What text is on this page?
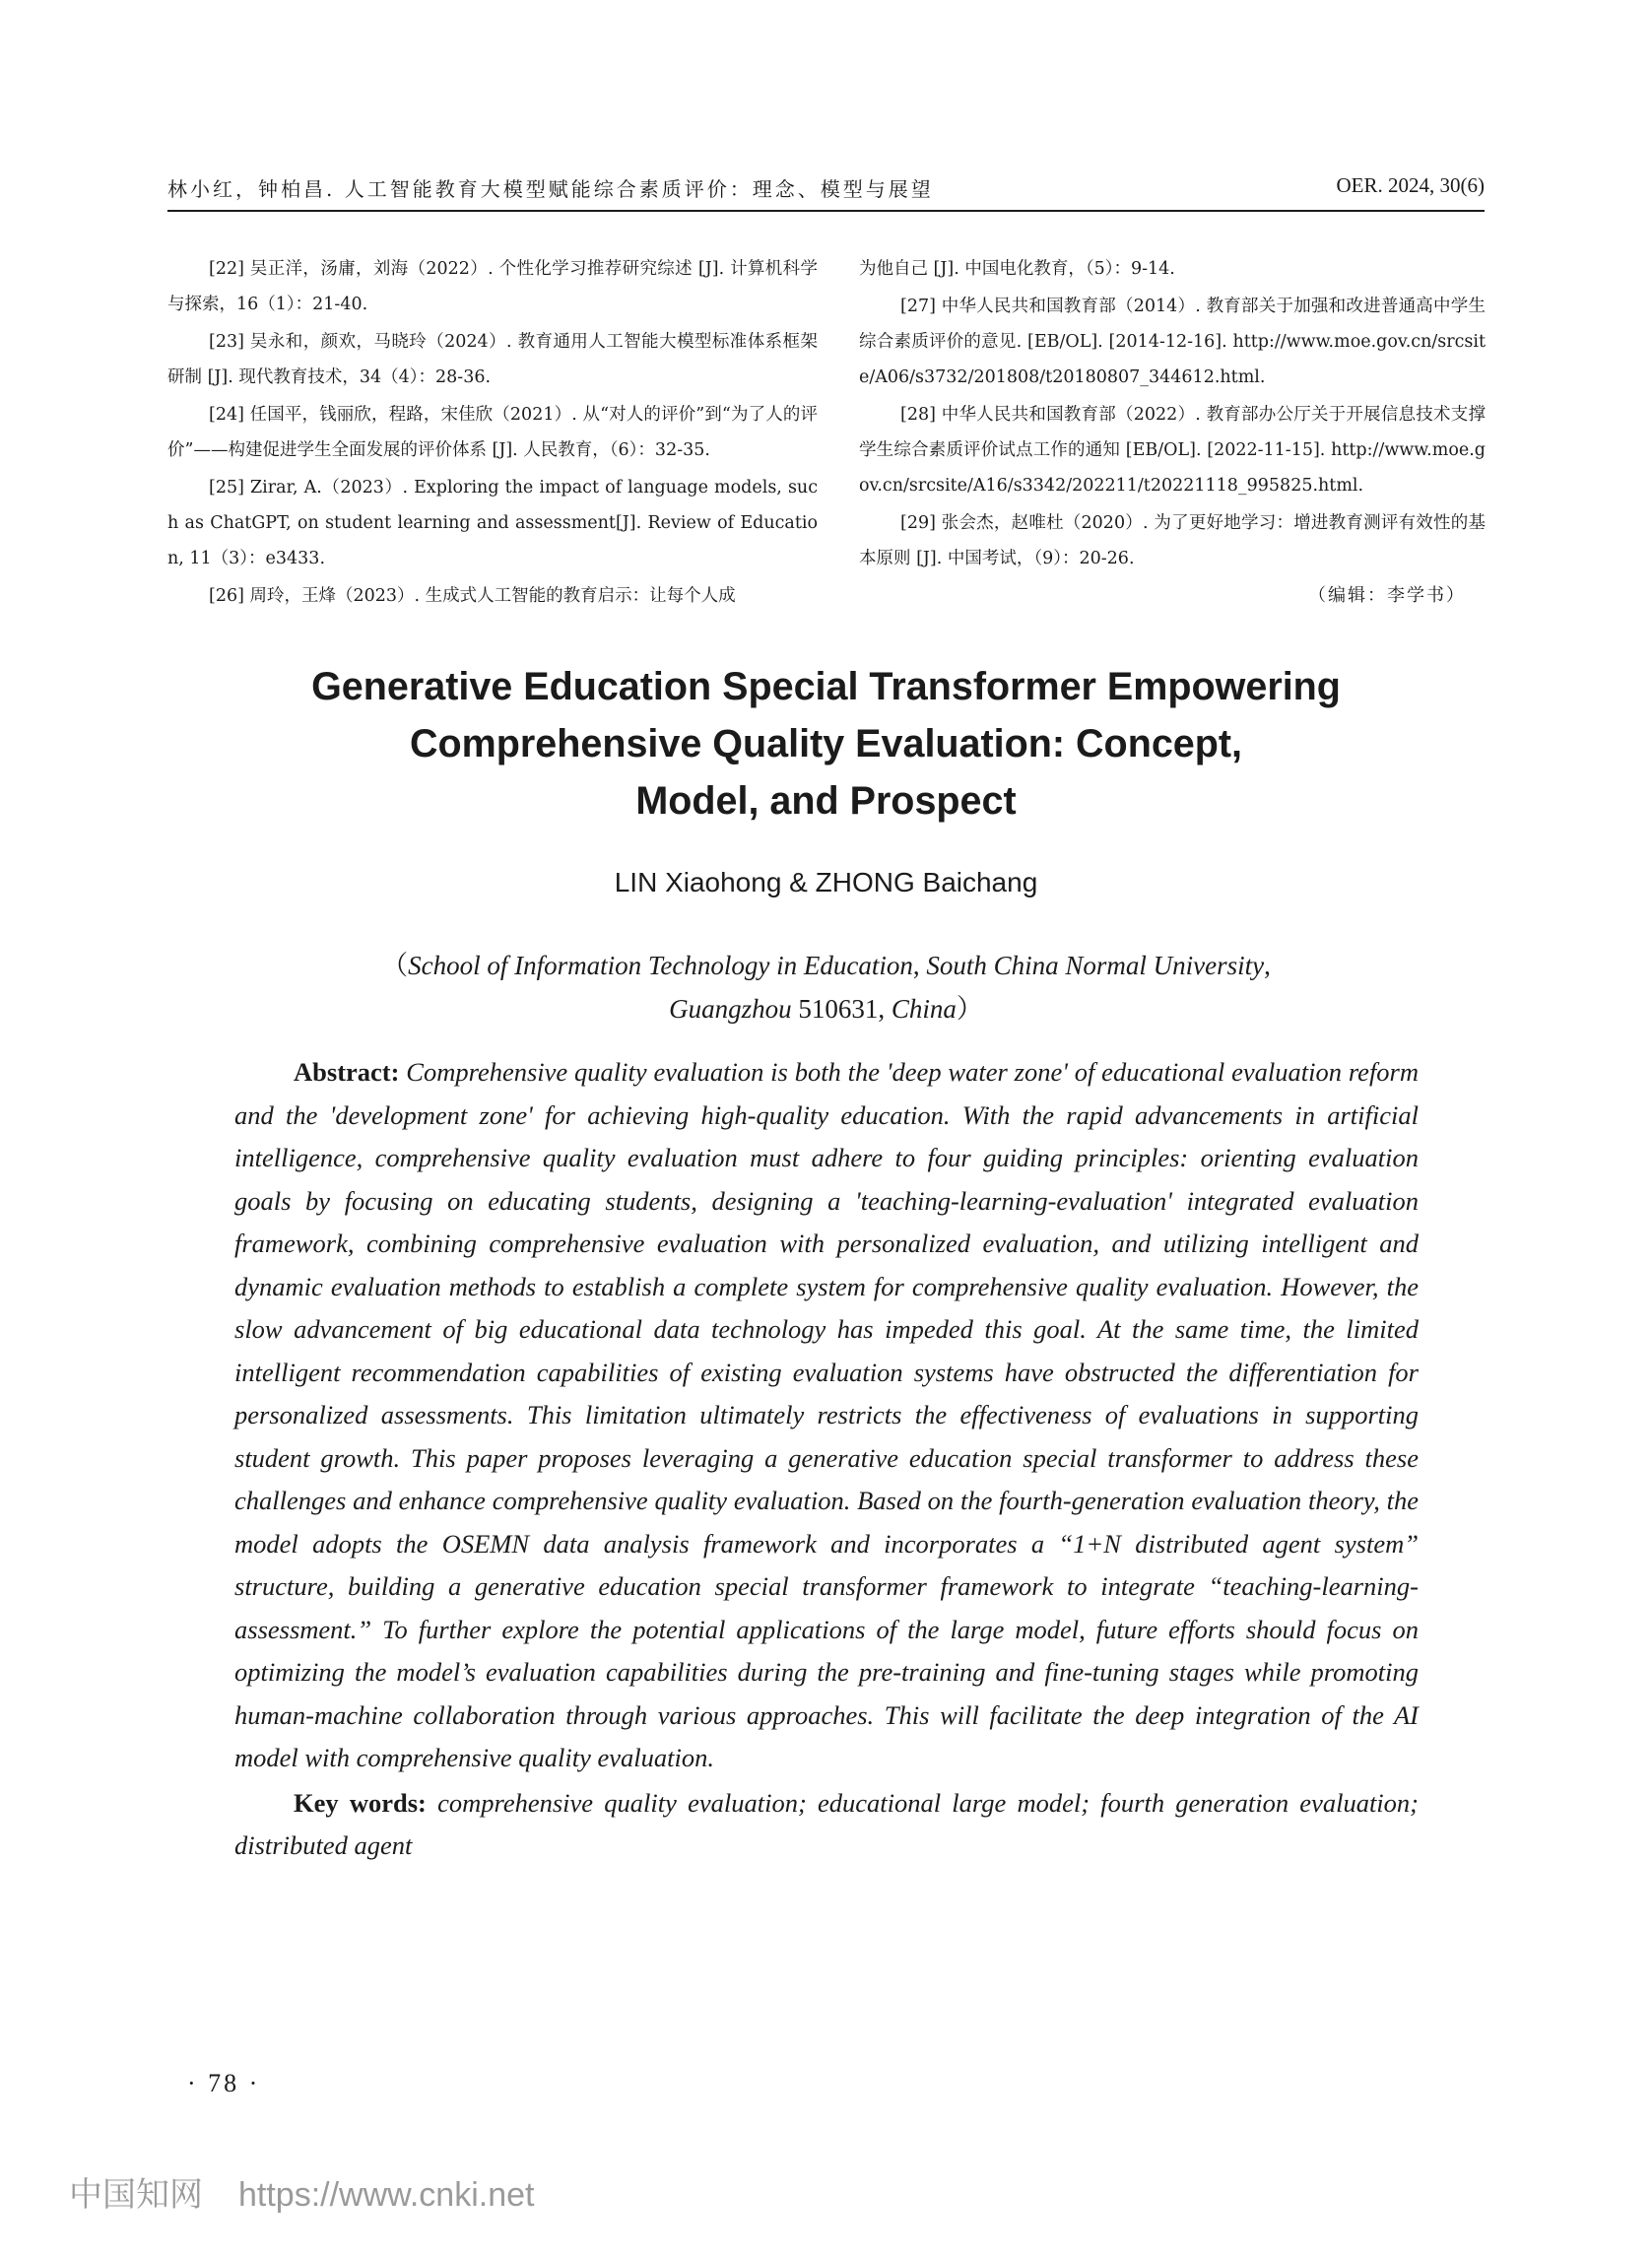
林小红，钟柏昌. 人工智能教育大模型赋能综合素质评价：理念、模型与展望	OER. 2024, 30(6)

[22] 吴正洋，汤庸，刘海（2022）. 个性化学习推荐研究综述 [J]. 计算机科学与探索，16（1）：21-40.

[23] 吴永和，颜欢，马晓玲（2024）. 教育通用人工智能大模型标准体系框架研制 [J]. 现代教育技术，34（4）：28-36.

[24] 任国平，钱丽欣，程路，宋佳欣（2021）. 从“对人的评价”到“为了人的评价”——构建促进学生全面发展的评价体系 [J]. 人民教育，（6）：32-35.

[25] Zirar, A.（2023）. Exploring the impact of language models, such as ChatGPT, on student learning and assessment[J]. Review of Education, 11（3）：e3433.

[26] 周玲，王烽（2023）. 生成式人工智能的教育启示：让每个人成

为他自己 [J]. 中国电化教育，（5）：9-14.

[27] 中华人民共和国教育部（2014）. 教育部关于加强和改进普通高中学生综合素质评价的意见. [EB/OL]. [2014-12-16]. http://www.moe.gov.cn/srcsite/A06/s3732/201808/t20180807_344612.html.

[28] 中华人民共和国教育部（2022）. 教育部办公厅关于开展信息技术支撑学生综合素质评价试点工作的通知 [EB/OL]. [2022-11-15]. http://www.moe.gov.cn/srcsite/A16/s3342/202211/t20221118_995825.html.

[29] 张会杰，赵唯杜（2020）. 为了更好地学习：增进教育测评有效性的基本原则 [J]. 中国考试，（9）：20-26.

（编辑：李学书）
Generative Education Special Transformer Empowering
Comprehensive Quality Evaluation: Concept,
Model, and Prospect
LIN Xiaohong & ZHONG Baichang
（School of Information Technology in Education, South China Normal University,
Guangzhou 510631, China）

Abstract: Comprehensive quality evaluation is both the 'deep water zone' of educational evaluation reform and the 'development zone' for achieving high-quality education. With the rapid advancements in artificial intelligence, comprehensive quality evaluation must adhere to four guiding principles: orienting evaluation goals by focusing on educating students, designing a 'teaching-learning-evaluation' integrated evaluation framework, combining comprehensive evaluation with personalized evaluation, and utilizing intelligent and dynamic evaluation methods to establish a complete system for comprehensive quality evaluation. However, the slow advancement of big educational data technology has impeded this goal. At the same time, the limited intelligent recommendation capabilities of existing evaluation systems have obstructed the differentiation for personalized assessments. This limitation ultimately restricts the effectiveness of evaluations in supporting student growth. This paper proposes leveraging a generative education special transformer to address these challenges and enhance comprehensive quality evaluation. Based on the fourth-generation evaluation theory, the model adopts the OSEMN data analysis framework and incorporates a “1+N distributed agent system” structure, building a generative education special transformer framework to integrate “teaching-learning-assessment.” To further explore the potential applications of the large model, future efforts should focus on optimizing the model’s evaluation capabilities during the pre-training and fine-tuning stages while promoting human-machine collaboration through various approaches. This will facilitate the deep integration of the AI model with comprehensive quality evaluation.

Key words: comprehensive quality evaluation; educational large model; fourth generation evaluation; distributed agent

· 78 ·
中国知网 https://www.cnki.net
